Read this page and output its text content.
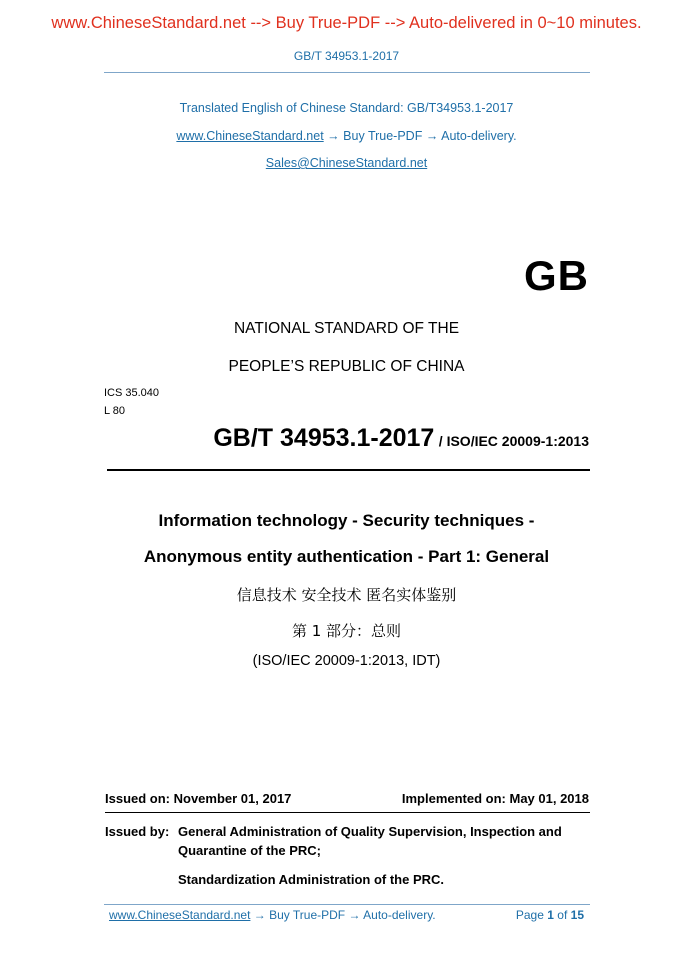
www.ChineseStandard.net --> Buy True-PDF --> Auto-delivered in 0~10 minutes.
GB/T 34953.1-2017
Translated English of Chinese Standard: GB/T34953.1-2017
www.ChineseStandard.net → Buy True-PDF → Auto-delivery.
Sales@ChineseStandard.net
GB
NATIONAL STANDARD OF THE
PEOPLE’S REPUBLIC OF CHINA
ICS 35.040
L 80
GB/T 34953.1-2017 / ISO/IEC 20009-1:2013
Information technology - Security techniques -
Anonymous entity authentication - Part 1: General
信息技术 安全技术 匿名实体鉴别
第 1 部分：总则
(ISO/IEC 20009-1:2013, IDT)
Issued on: November 01, 2017	Implemented on: May 01, 2018
Issued by: General Administration of Quality Supervision, Inspection and
Quarantine of the PRC;
Standardization Administration of the PRC.
www.ChineseStandard.net → Buy True-PDF → Auto-delivery.	Page 1 of 15
